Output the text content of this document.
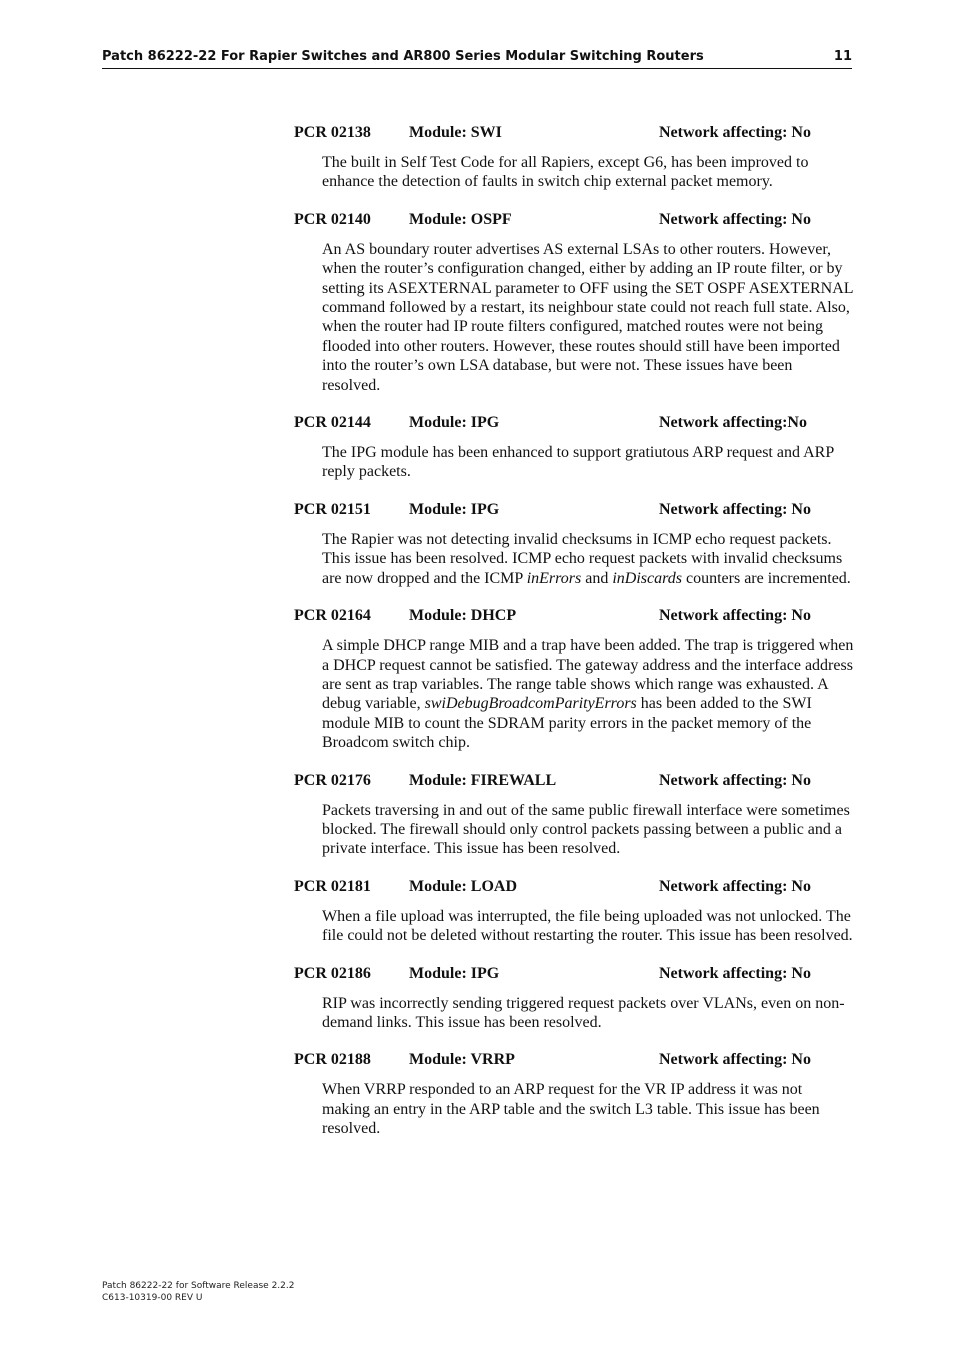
Patch 86222-22 For Rapier Switches and AR800 Series Modular Switching Routers	11
PCR 02138 Module: SWI	Network affecting: No
The built in Self Test Code for all Rapiers, except G6, has been improved to enhance the detection of faults in switch chip external packet memory.
PCR 02140 Module: OSPF	Network affecting: No
An AS boundary router advertises AS external LSAs to other routers. However, when the router’s configuration changed, either by adding an IP route filter, or by setting its ASEXTERNAL parameter to OFF using the SET OSPF ASEXTERNAL command followed by a restart, its neighbour state could not reach full state. Also, when the router had IP route filters configured, matched routes were not being flooded into other routers. However, these routes should still have been imported into the router’s own LSA database, but were not. These issues have been resolved.
PCR 02144 Module: IPG	Network affecting:No
The IPG module has been enhanced to support gratiutous ARP request and ARP reply packets.
PCR 02151 Module: IPG	Network affecting: No
The Rapier was not detecting invalid checksums in ICMP echo request packets. This issue has been resolved. ICMP echo request packets with invalid checksums are now dropped and the ICMP inErrors and inDiscards counters are incremented.
PCR 02164 Module: DHCP	Network affecting: No
A simple DHCP range MIB and a trap have been added. The trap is triggered when a DHCP request cannot be satisfied. The gateway address and the interface address are sent as trap variables. The range table shows which range was exhausted. A debug variable, swiDebugBroadcomParityErrors has been added to the SWI module MIB to count the SDRAM parity errors in the packet memory of the Broadcom switch chip.
PCR 02176 Module: FIREWALL	Network affecting: No
Packets traversing in and out of the same public firewall interface were sometimes blocked. The firewall should only control packets passing between a public and a private interface. This issue has been resolved.
PCR 02181 Module: LOAD	Network affecting: No
When a file upload was interrupted, the file being uploaded was not unlocked. The file could not be deleted without restarting the router. This issue has been resolved.
PCR 02186 Module: IPG	Network affecting: No
RIP was incorrectly sending triggered request packets over VLANs, even on non-demand links. This issue has been resolved.
PCR 02188 Module: VRRP	Network affecting: No
When VRRP responded to an ARP request for the VR IP address it was not making an entry in the ARP table and the switch L3 table. This issue has been resolved.
Patch 86222-22 for Software Release 2.2.2
C613-10319-00 REV U
